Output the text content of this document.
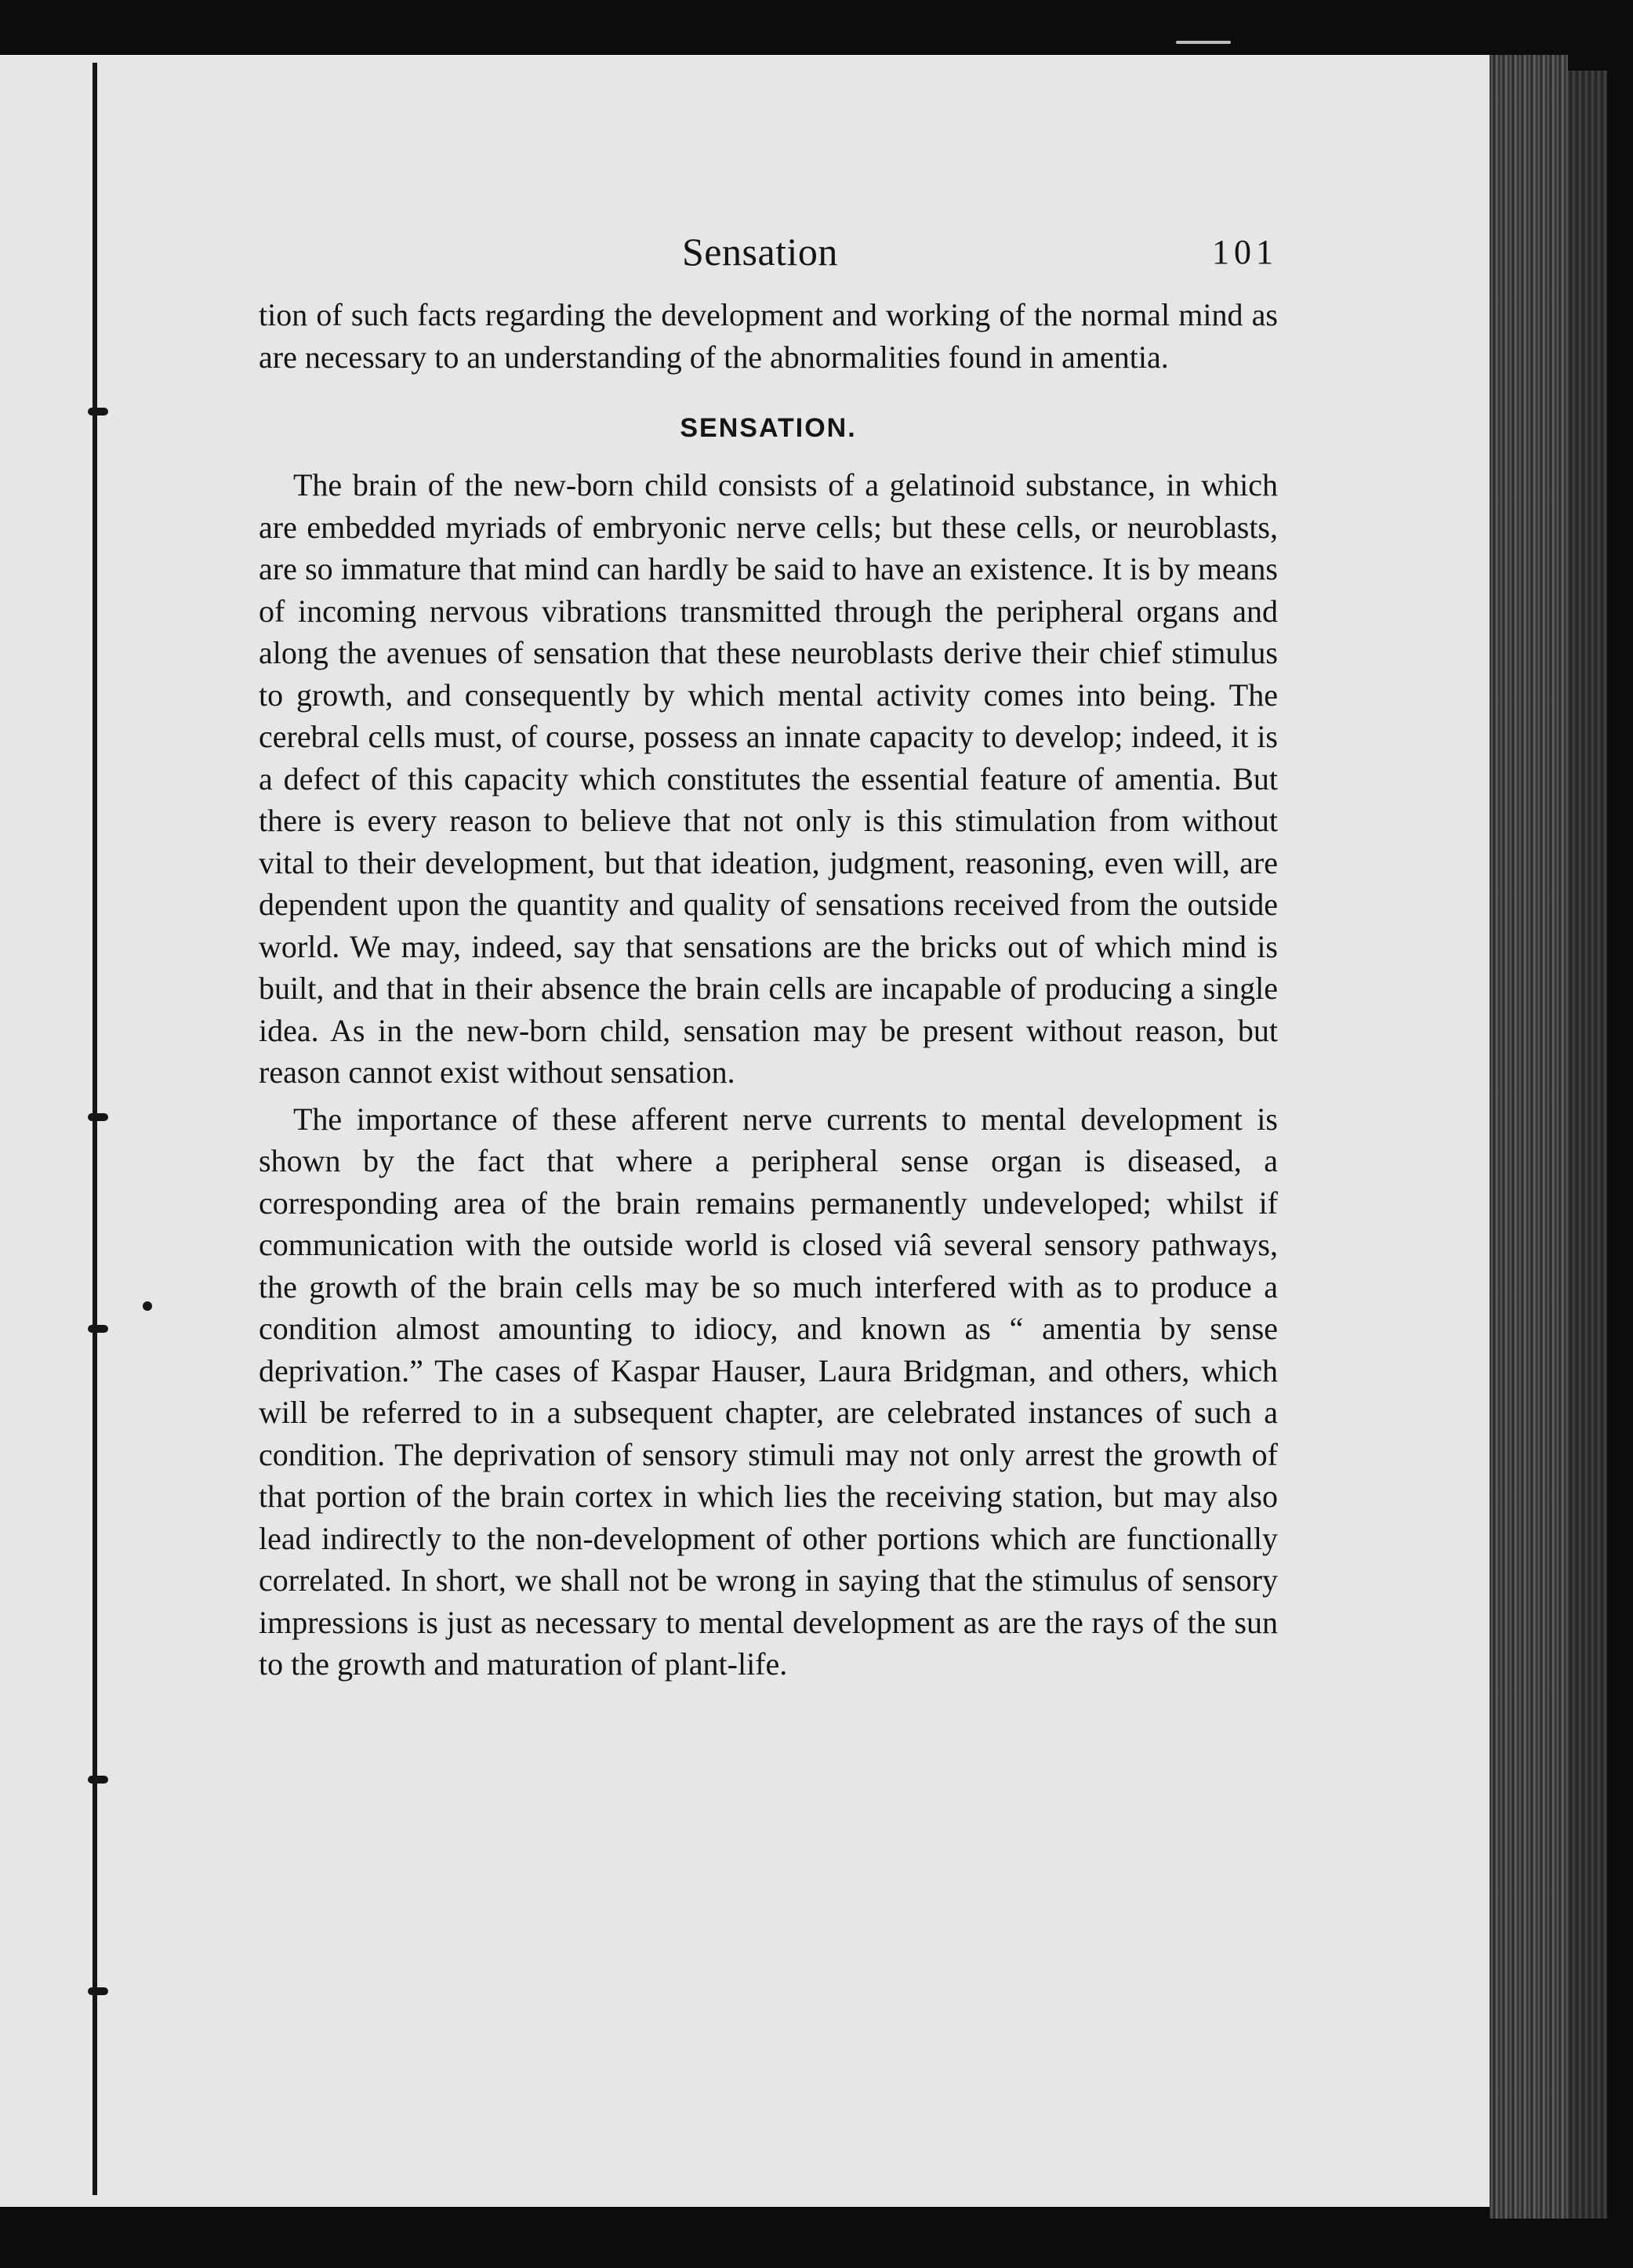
Sensation	101

tion of such facts regarding the development and working of the normal mind as are necessary to an understanding of the abnormalities found in amentia.

SENSATION.

The brain of the new-born child consists of a gelatinoid substance, in which are embedded myriads of embryonic nerve cells; but these cells, or neuroblasts, are so immature that mind can hardly be said to have an existence. It is by means of incoming nervous vibrations transmitted through the peripheral organs and along the avenues of sensation that these neuroblasts derive their chief stimulus to growth, and consequently by which mental activity comes into being. The cerebral cells must, of course, possess an innate capacity to develop; indeed, it is a defect of this capacity which constitutes the essential feature of amentia. But there is every reason to believe that not only is this stimulation from without vital to their development, but that ideation, judgment, reasoning, even will, are dependent upon the quantity and quality of sensations received from the outside world. We may, indeed, say that sensations are the bricks out of which mind is built, and that in their absence the brain cells are incapable of producing a single idea. As in the new-born child, sensation may be present without reason, but reason cannot exist without sensation.

The importance of these afferent nerve currents to mental development is shown by the fact that where a peripheral sense organ is diseased, a corresponding area of the brain remains permanently undeveloped; whilst if communication with the outside world is closed viâ several sensory pathways, the growth of the brain cells may be so much interfered with as to produce a condition almost amounting to idiocy, and known as “ amentia by sense deprivation.” The cases of Kaspar Hauser, Laura Bridgman, and others, which will be referred to in a subsequent chapter, are celebrated instances of such a condition. The deprivation of sensory stimuli may not only arrest the growth of that portion of the brain cortex in which lies the receiving station, but may also lead indirectly to the non-development of other portions which are functionally correlated. In short, we shall not be wrong in saying that the stimulus of sensory impressions is just as necessary to mental development as are the rays of the sun to the growth and maturation of plant-life.
